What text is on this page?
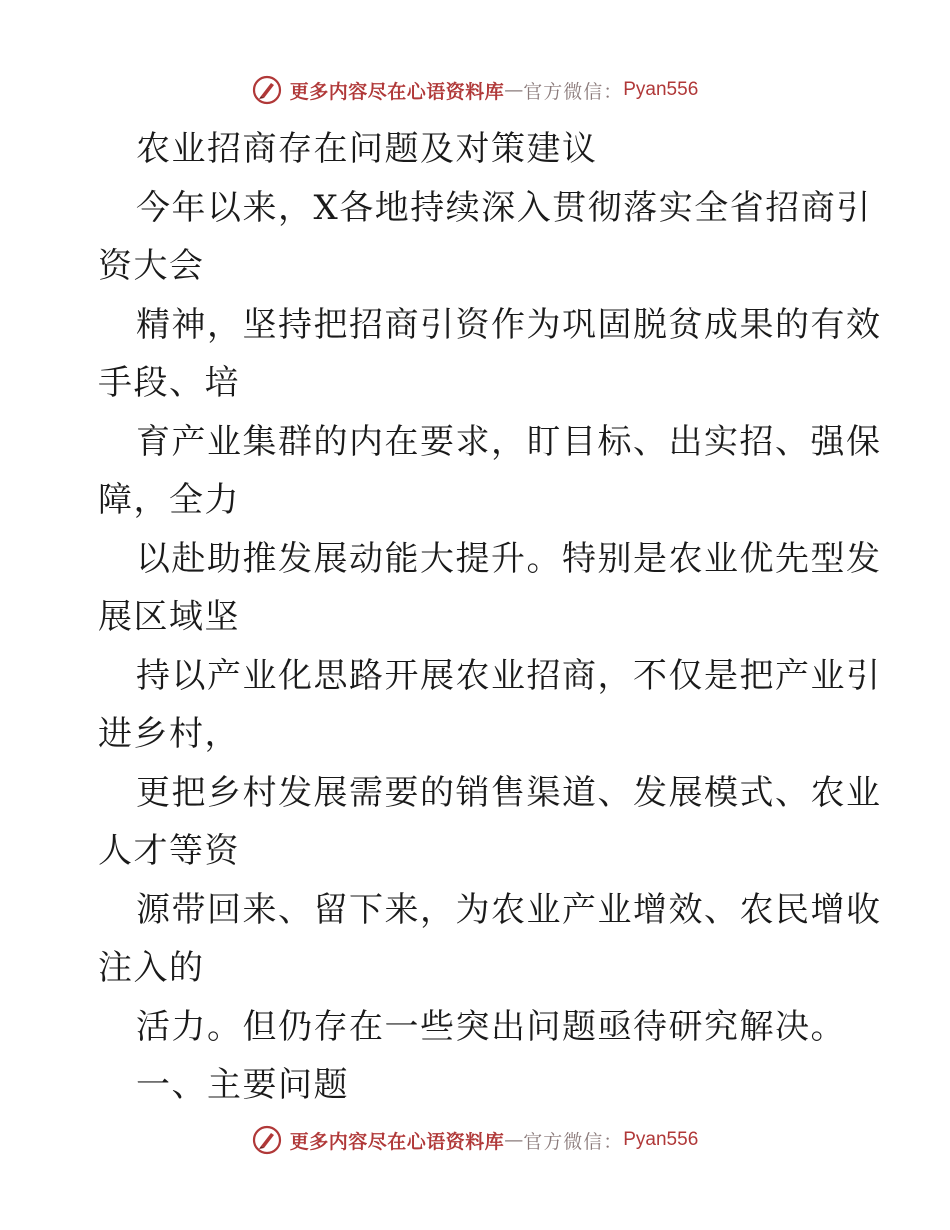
更多内容尽在心语资料库 — 官方微信： Pyan556
农业招商存在问题及对策建议
今年以来，X各地持续深入贯彻落实全省招商引
资大会
精神，坚持把招商引资作为巩固脱贫成果的有效
手段、培
育产业集群的内在要求，盯目标、出实招、强保
障，全力
以赴助推发展动能大提升。特别是农业优先型发
展区域坚
持以产业化思路开展农业招商，不仅是把产业引
进乡村，
更把乡村发展需要的销售渠道、发展模式、农业
人才等资
源带回来、留下来，为农业产业增效、农民增收
注入的
活力。但仍存在一些突出问题亟待研究解决。
一、主要问题
更多内容尽在心语资料库 — 官方微信： Pyan556
